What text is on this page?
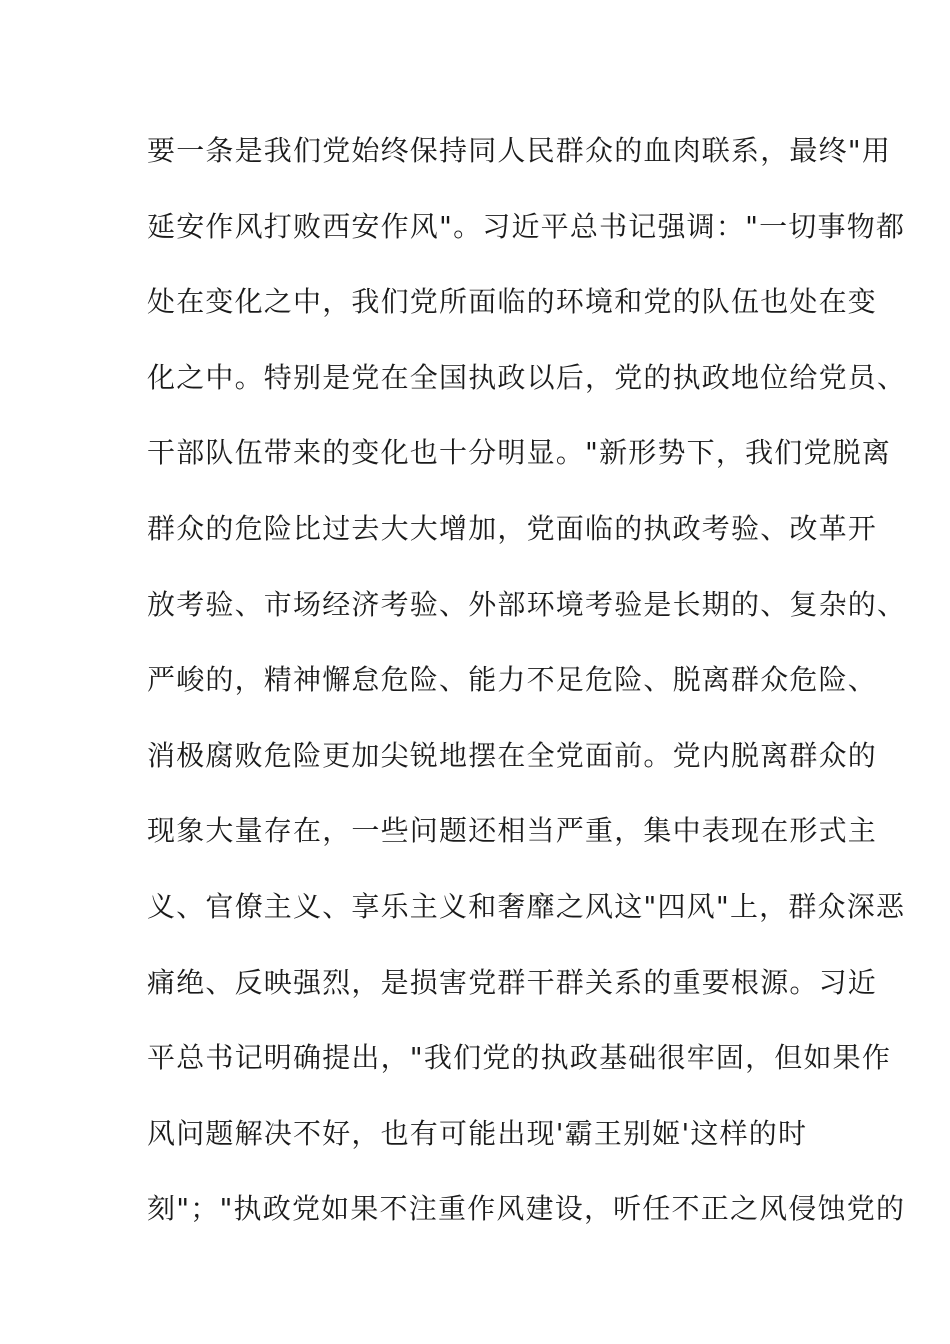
要一条是我们党始终保持同人民群众的血肉联系，最终"用
延安作风打败西安作风"。习近平总书记强调："一切事物都
处在变化之中，我们党所面临的环境和党的队伍也处在变
化之中。特别是党在全国执政以后，党的执政地位给党员、
干部队伍带来的变化也十分明显。"新形势下，我们党脱离
群众的危险比过去大大增加，党面临的执政考验、改革开
放考验、市场经济考验、外部环境考验是长期的、复杂的、
严峻的，精神懈怠危险、能力不足危险、脱离群众危险、
消极腐败危险更加尖锐地摆在全党面前。党内脱离群众的
现象大量存在，一些问题还相当严重，集中表现在形式主
义、官僚主义、享乐主义和奢靡之风这"四风"上，群众深恶
痛绝、反映强烈，是损害党群干群关系的重要根源。习近
平总书记明确提出，"我们党的执政基础很牢固，但如果作
风问题解决不好，也有可能出现'霸王别姬'这样的时
刻"；"执政党如果不注重作风建设，听任不正之风侵蚀党的
